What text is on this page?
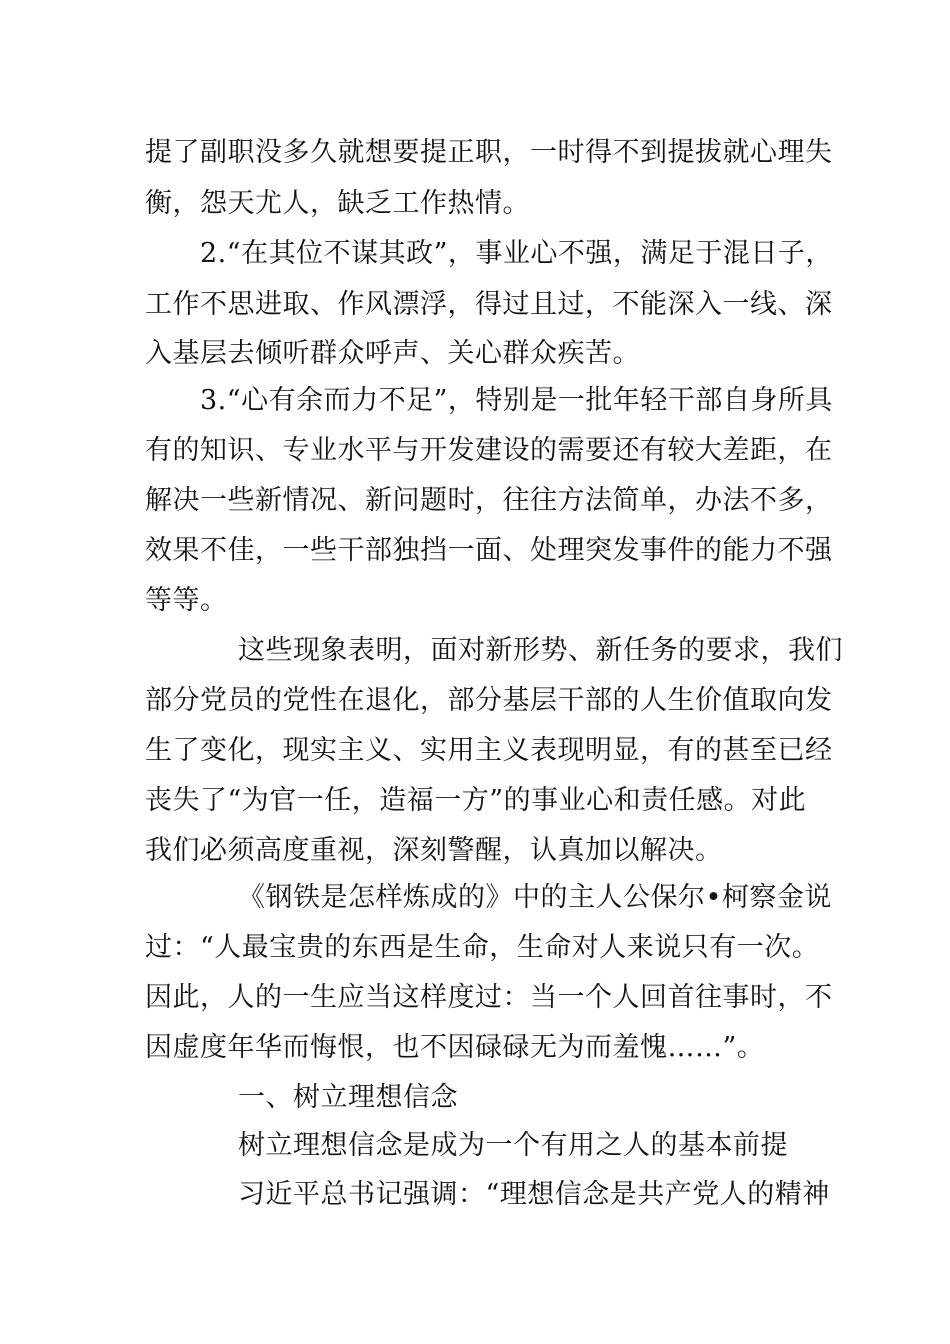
提了副职没多久就想要提正职，一时得不到提拔就心理失
衡，怨天尤人，缺乏工作热情。
2.“在其位不谋其政”，事业心不强，满足于混日子，
工作不思进取、作风漂浮，得过且过，不能深入一线、深
入基层去倾听群众呼声、关心群众疾苦。
3.“心有余而力不足”，特别是一批年轻干部自身所具
有的知识、专业水平与开发建设的需要还有较大差距，在
解决一些新情况、新问题时，往往方法简单，办法不多，
效果不佳，一些干部独挡一面、处理突发事件的能力不强
等等。
这些现象表明，面对新形势、新任务的要求，我们
部分党员的党性在退化，部分基层干部的人生价值取向发
生了变化，现实主义、实用主义表现明显，有的甚至已经
丧失了“为官一任，造福一方”的事业心和责任感。对此
我们必须高度重视，深刻警醒，认真加以解决。
《钢铁是怎样炼成的》中的主人公保尔•柯察金说
过：“人最宝贵的东西是生命，生命对人来说只有一次。
因此，人的一生应当这样度过：当一个人回首往事时，不
因虚度年华而悔恨，也不因碌碌无为而羞愧……”。
一、树立理想信念
树立理想信念是成为一个有用之人的基本前提
习近平总书记强调：“理想信念是共产党人的精神
